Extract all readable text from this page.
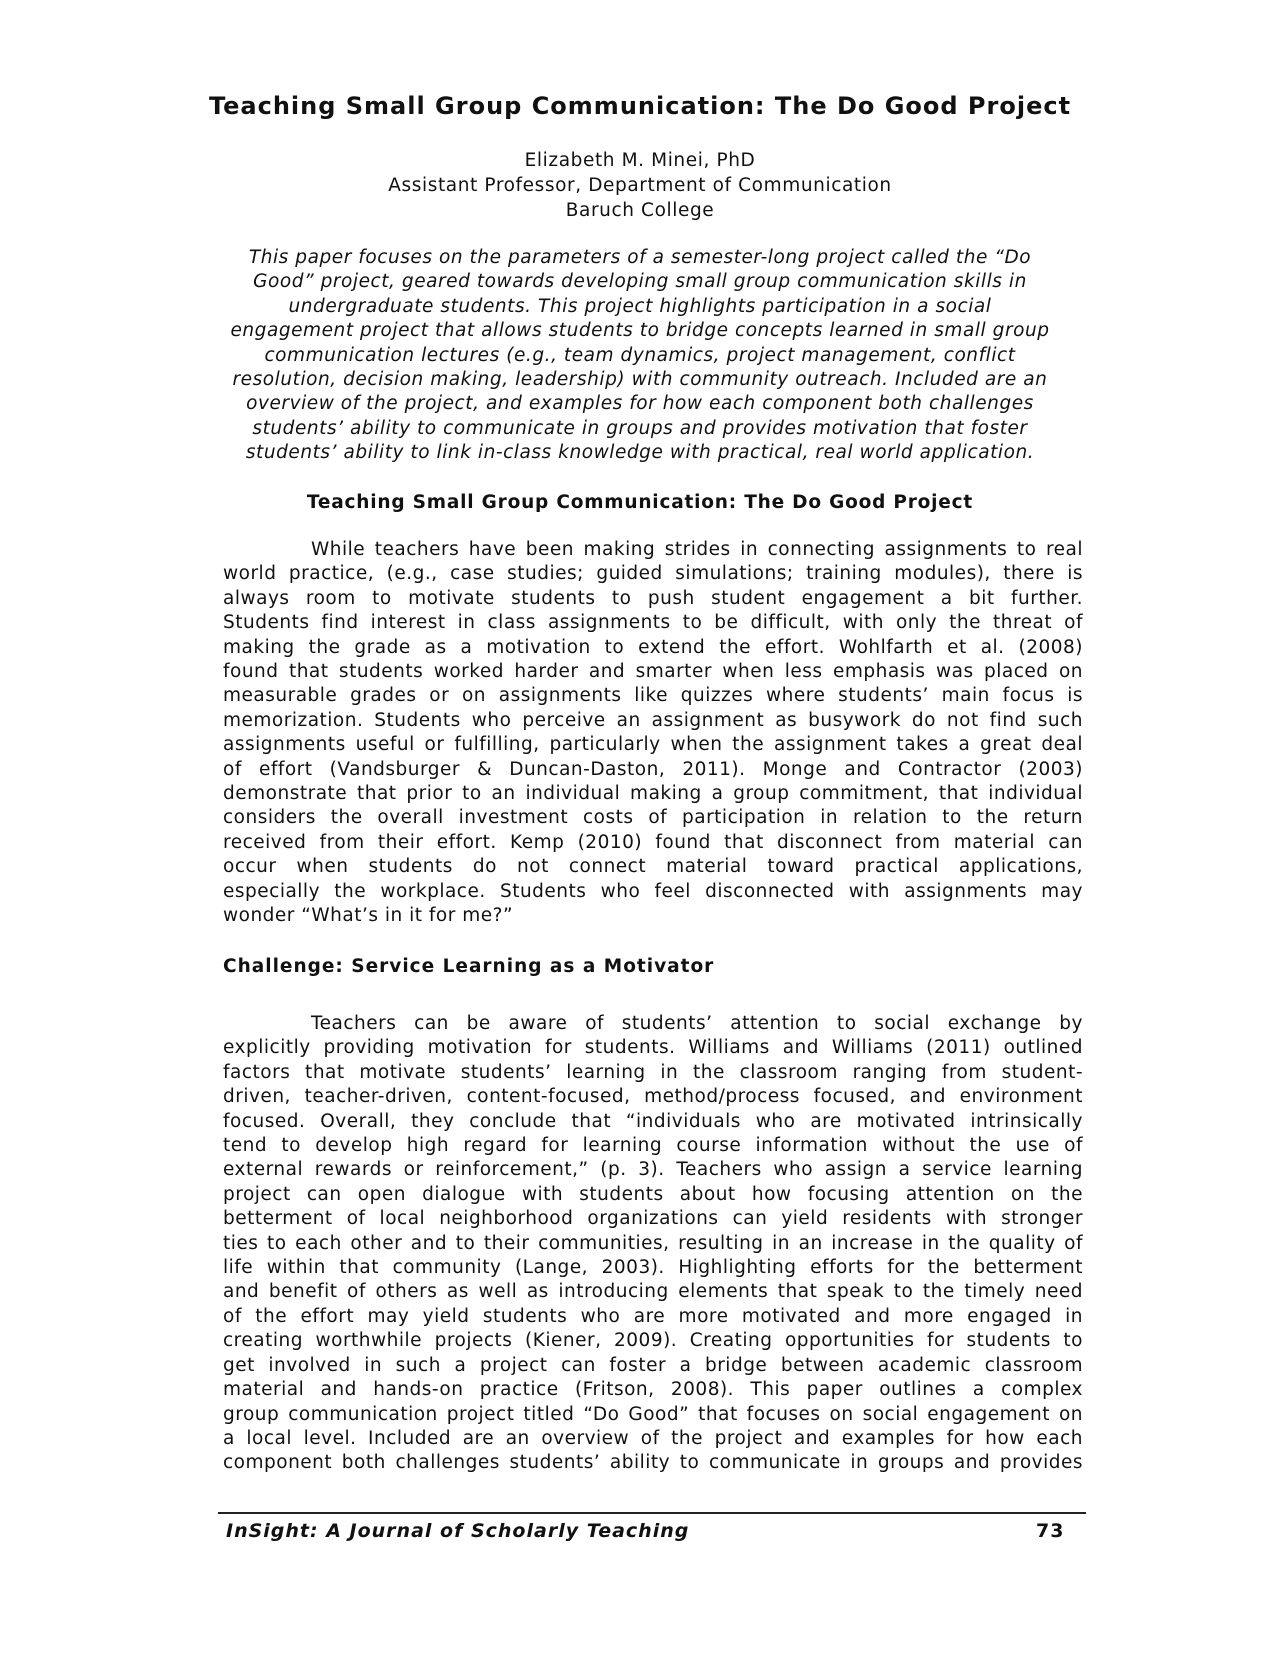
Teaching Small Group Communication: The Do Good Project
Elizabeth M. Minei, PhD
Assistant Professor, Department of Communication
Baruch College
This paper focuses on the parameters of a semester-long project called the “Do
Good” project, geared towards developing small group communication skills in
undergraduate students. This project highlights participation in a social
engagement project that allows students to bridge concepts learned in small group
communication lectures (e.g., team dynamics, project management, conflict
resolution, decision making, leadership) with community outreach. Included are an
overview of the project, and examples for how each component both challenges
students’ ability to communicate in groups and provides motivation that foster
students’ ability to link in-class knowledge with practical, real world application.
Teaching Small Group Communication: The Do Good Project
While teachers have been making strides in connecting assignments to real
world practice, (e.g., case studies; guided simulations; training modules), there is
always room to motivate students to push student engagement a bit further.
Students find interest in class assignments to be difficult, with only the threat of
making the grade as a motivation to extend the effort. Wohlfarth et al. (2008)
found that students worked harder and smarter when less emphasis was placed on
measurable grades or on assignments like quizzes where students’ main focus is
memorization. Students who perceive an assignment as busywork do not find such
assignments useful or fulfilling, particularly when the assignment takes a great deal
of effort (Vandsburger & Duncan-Daston, 2011). Monge and Contractor (2003)
demonstrate that prior to an individual making a group commitment, that individual
considers the overall investment costs of participation in relation to the return
received from their effort. Kemp (2010) found that disconnect from material can
occur when students do not connect material toward practical applications,
especially the workplace. Students who feel disconnected with assignments may
wonder “What’s in it for me?”
Challenge: Service Learning as a Motivator
Teachers can be aware of students’ attention to social exchange by
explicitly providing motivation for students. Williams and Williams (2011) outlined
factors that motivate students’ learning in the classroom ranging from student-
driven, teacher-driven, content-focused, method/process focused, and environment
focused. Overall, they conclude that “individuals who are motivated intrinsically
tend to develop high regard for learning course information without the use of
external rewards or reinforcement,” (p. 3). Teachers who assign a service learning
project can open dialogue with students about how focusing attention on the
betterment of local neighborhood organizations can yield residents with stronger
ties to each other and to their communities, resulting in an increase in the quality of
life within that community (Lange, 2003). Highlighting efforts for the betterment
and benefit of others as well as introducing elements that speak to the timely need
of the effort may yield students who are more motivated and more engaged in
creating worthwhile projects (Kiener, 2009). Creating opportunities for students to
get involved in such a project can foster a bridge between academic classroom
material and hands-on practice (Fritson, 2008). This paper outlines a complex
group communication project titled “Do Good” that focuses on social engagement on
a local level. Included are an overview of the project and examples for how each
component both challenges students’ ability to communicate in groups and provides
InSight: A Journal of Scholarly Teaching	73
